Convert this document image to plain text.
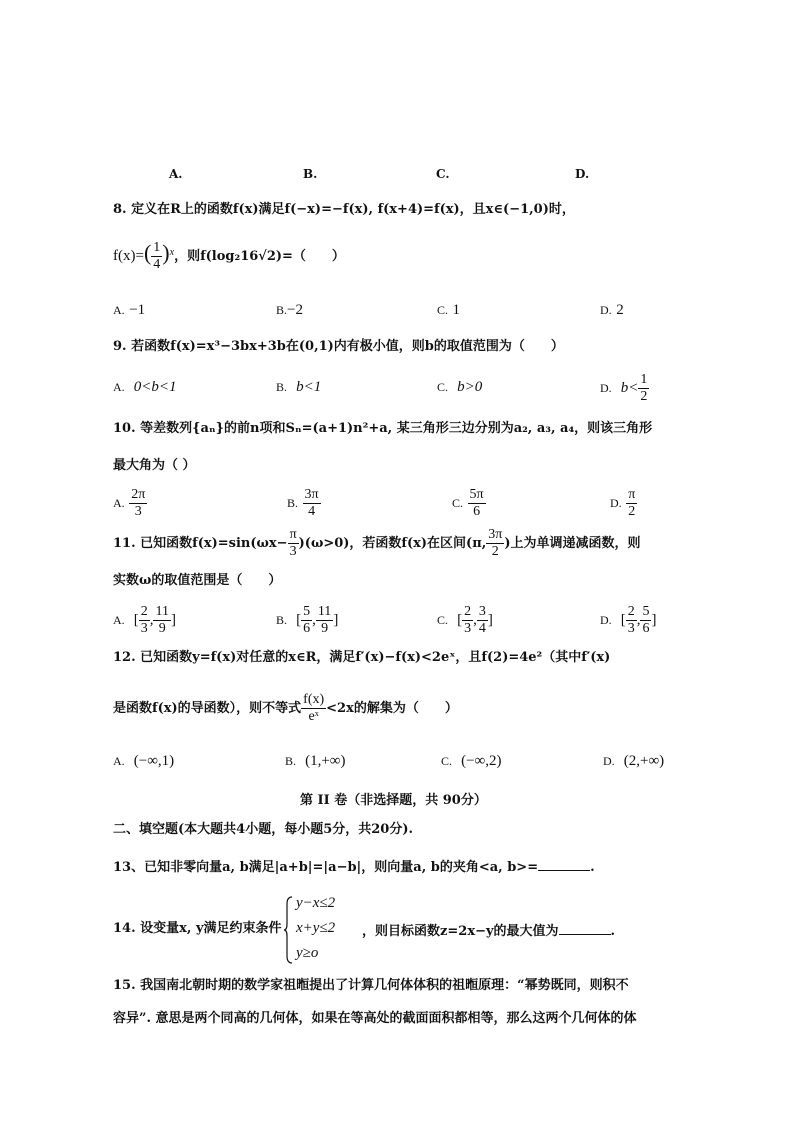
A.	B.	C.	D.
8. 定义在R上的函数f(x)满足f(−x)=−f(x), f(x+4)=f(x)，且x∈(−1,0)时，
$f(x)=( \frac{1}{4} )^x$，则f(log₂16√2)=（　　）
A. −1	B.−2	C. 1	D. 2
9. 若函数f(x)=x³−3bx+3b在(0,1)内有极小值，则b的取值范围为（　　）
A. 0<b<1	B. b<1	C. b>0	D. $b< \frac{1}{2}$
10. 等差数列{aₙ}的前n项和Sₙ=(a+1)n²+a, 某三角形三边分别为a₂, a₃, a₄，则该三角形
最大角为（ ）
A. $\frac{2\pi}{3}$	B. $\frac{3\pi}{4}$	C. $\frac{5\pi}{6}$	D. $\frac{\pi}{2}$
11. 已知函数$f(x)=\sin(\omega x- \frac{\pi}{3} )(\omega>0)$，若函数f(x)在区间(π, $\frac{3\pi}{2}$ )上为单调递减函数，则
实数ω的取值范围是（　　）
A. [ $\frac{2}{3}$ , $\frac{11}{9}$ ]	B. [ $\frac{5}{6}$ , $\frac{11}{9}$ ]	C. [ $\frac{2}{3}$ , $\frac{3}{4}$ ]	D. [ $\frac{2}{3}$ , $\frac{5}{6}$ ]
12. 已知函数y=f(x)对任意的x∈R，满足f′(x)−f(x)<2eˣ，且f(2)=4e²（其中f′(x)
是函数f(x)的导函数），则不等式 $\frac{f(x)}{\text{eˣ}} <2x$的解集为（　　）
A. (−∞,1)	B. (1,+∞)	C. (−∞,2)	D. (2,+∞)
第 II 卷（非选择题，共 90分）
二、填空题(本大题共4小题，每小题5分，共20分).
13、已知非零向量a, b满足|a+b|=|a−b|，则向量a, b的夹角<a, b>=	.
14. 设变量x, y满足约束条件
y−x≤2
x+y≤2
y≥o
，则目标函数z=2x−y的最大值为	.
15. 我国南北朝时期的数学家祖暅提出了计算几何体体积的祖暅原理：“幂势既同，则积不
容异”. 意思是两个同高的几何体，如果在等高处的截面面积都相等，那么这两个几何体的体
